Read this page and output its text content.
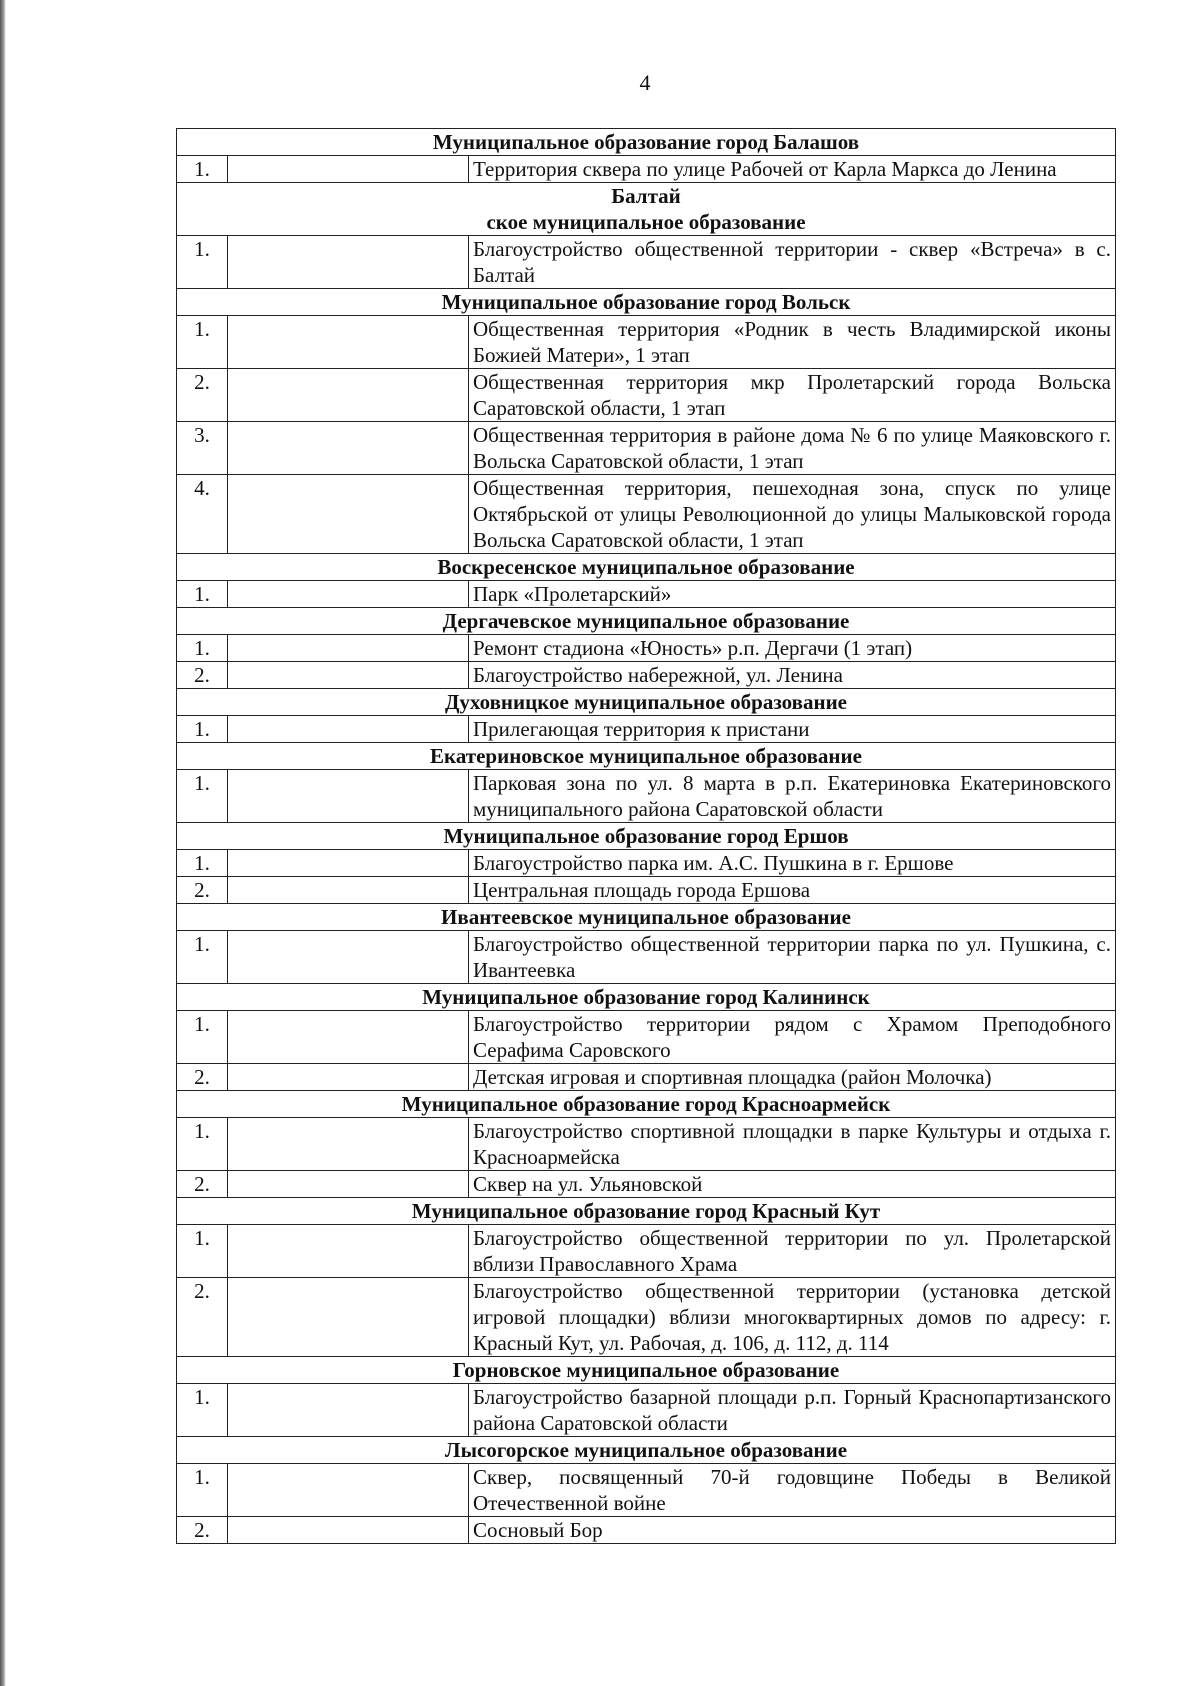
4
Муниципальное образование город Балашов		
1.		Территория сквера по улице Рабочей от Карла Маркса до Ленина
Балтай
ское муниципальное образование		
1.		Благоустройство общественной территории - сквер «Встреча» в с. Балтай
Муниципальное образование город Вольск		
1.		Общественная территория «Родник в честь Владимирской иконы Божией Матери», 1 этап
2.		Общественная территория мкр Пролетарский города Вольска Саратовской области, 1 этап
3.		Общественная территория в районе дома № 6 по улице Маяковского г. Вольска Саратовской области, 1 этап
4.		Общественная территория, пешеходная зона, спуск по улице Октябрьской от улицы Революционной до улицы Малыковской города Вольска Саратовской области, 1 этап
Воскресенское муниципальное образование		
1.		Парк «Пролетарский»
Дергачевское муниципальное образование		
1.		Ремонт стадиона «Юность» р.п. Дергачи (1 этап)
2.		Благоустройство набережной, ул. Ленина
Духовницкое муниципальное образование		
1.		Прилегающая территория к пристани
Екатериновское муниципальное образование		
1.		Парковая зона по ул. 8 марта в р.п. Екатериновка Екатериновского муниципального района Саратовской области
Муниципальное образование город Ершов		
1.		Благоустройство парка им. А.С. Пушкина в г. Ершове
2.		Центральная площадь города Ершова
Ивантеевское муниципальное образование		
1.		Благоустройство общественной территории парка по ул. Пушкина, с. Ивантеевка
Муниципальное образование город Калининск		
1.		Благоустройство территории рядом с Храмом Преподобного Серафима Саровского
2.		Детская игровая и спортивная площадка (район Молочка)
Муниципальное образование город Красноармейск		
1.		Благоустройство спортивной площадки в парке Культуры и отдыха г. Красноармейска
2.		Сквер на ул. Ульяновской
Муниципальное образование город Красный Кут		
1.		Благоустройство общественной территории по ул. Пролетарской вблизи Православного Храма
2.		Благоустройство общественной территории (установка детской игровой площадки) вблизи многоквартирных домов по адресу: г. Красный Кут, ул. Рабочая, д. 106, д. 112, д. 114
Горновское муниципальное образование		
1.		Благоустройство базарной площади р.п. Горный Краснопартизанского района Саратовской области
Лысогорское муниципальное образование		
1.		Сквер, посвященный 70-й годовщине Победы в Великой Отечественной войне
2.		Сосновый Бор
